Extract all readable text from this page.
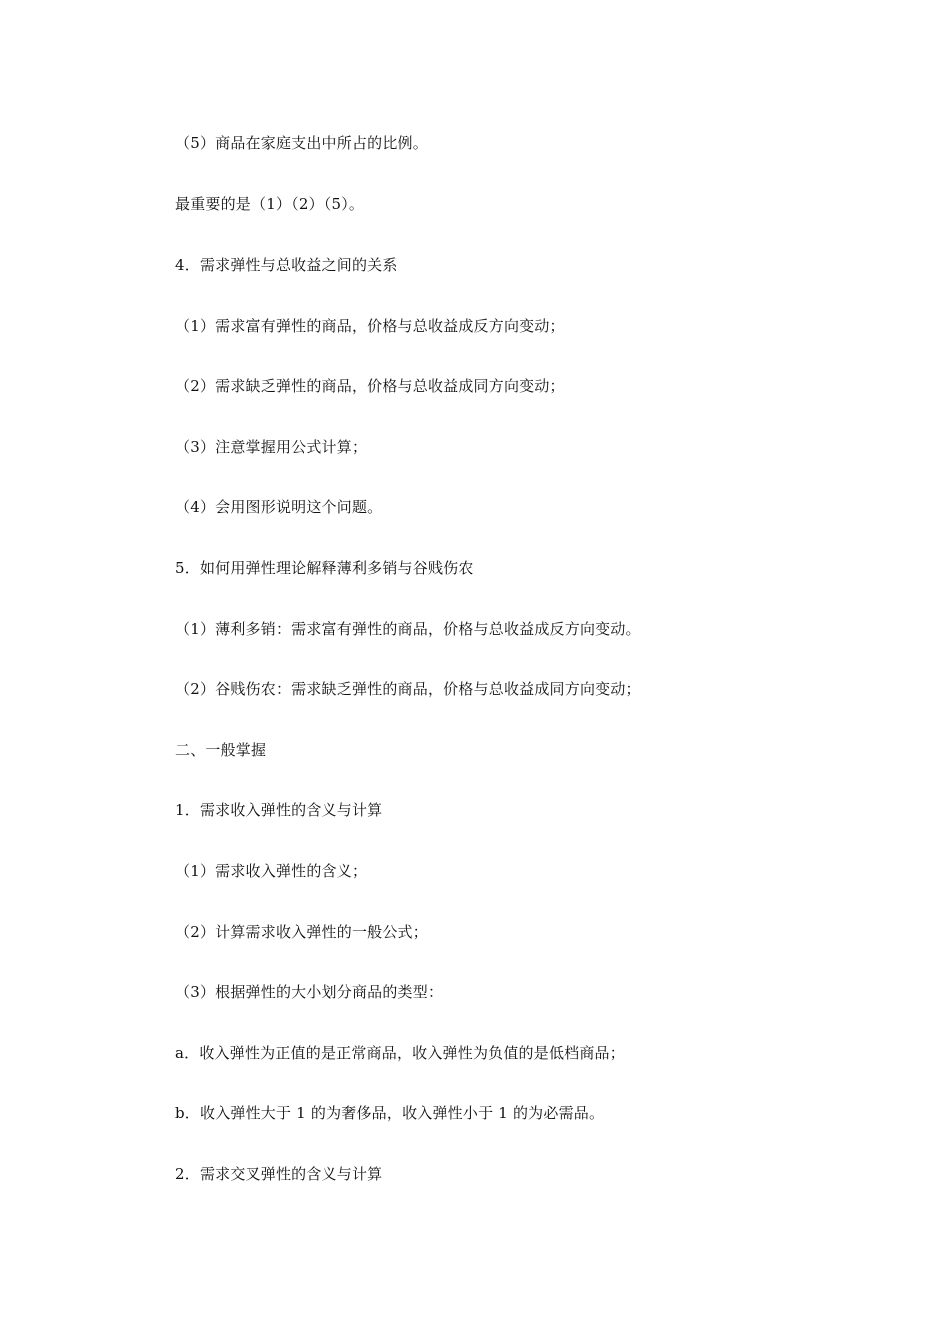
（5）商品在家庭支出中所占的比例。
最重要的是（1）（2）（5）。
4．需求弹性与总收益之间的关系
（1）需求富有弹性的商品，价格与总收益成反方向变动；
（2）需求缺乏弹性的商品，价格与总收益成同方向变动；
（3）注意掌握用公式计算；
（4）会用图形说明这个问题。
5．如何用弹性理论解释薄利多销与谷贱伤农
（1）薄利多销：需求富有弹性的商品，价格与总收益成反方向变动。
（2）谷贱伤农：需求缺乏弹性的商品，价格与总收益成同方向变动；
二、一般掌握
1．需求收入弹性的含义与计算
（1）需求收入弹性的含义；
（2）计算需求收入弹性的一般公式；
（3）根据弹性的大小划分商品的类型：
a．收入弹性为正值的是正常商品，收入弹性为负值的是低档商品；
b．收入弹性大于 1 的为奢侈品，收入弹性小于 1 的为必需品。
2．需求交叉弹性的含义与计算
